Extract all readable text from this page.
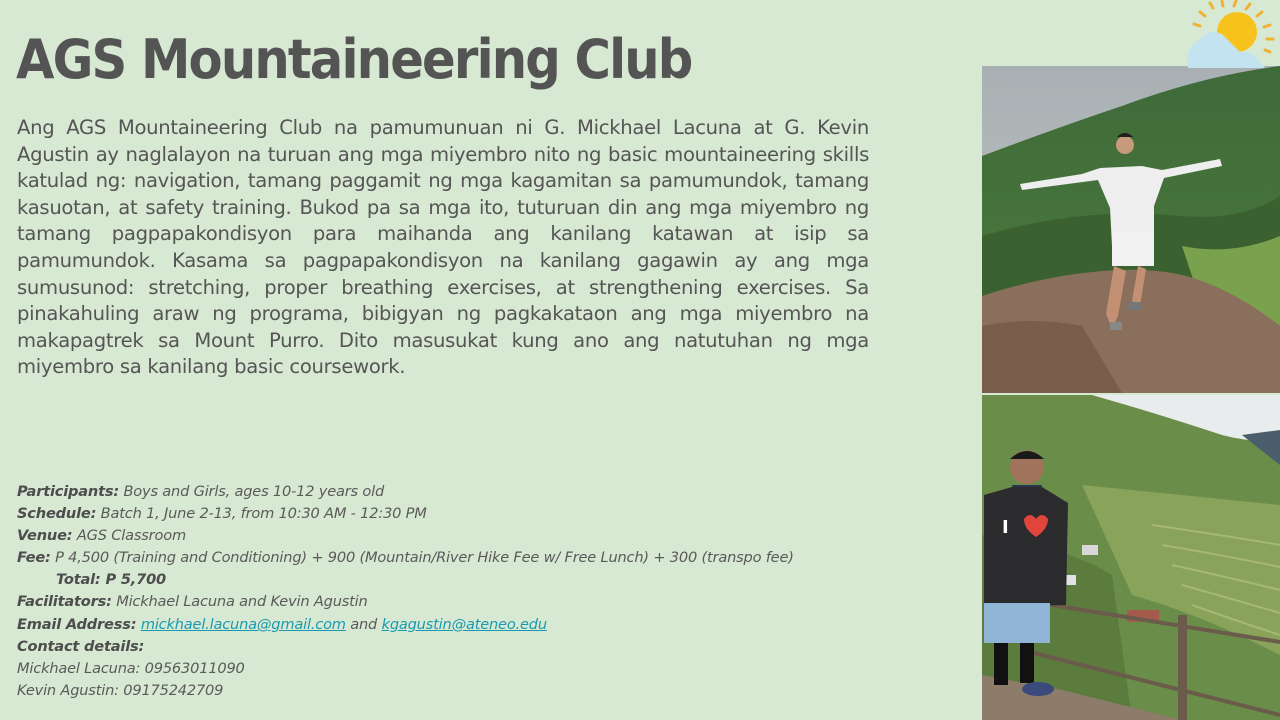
AGS Mountaineering Club
Ang AGS Mountaineering Club na pamumunuan ni G. Mickhael Lacuna at G. Kevin Agustin ay naglalayon na turuan ang mga miyembro nito ng basic mountaineering skills katulad ng: navigation, tamang paggamit ng mga kagamitan sa pamumundok, tamang kasuotan, at safety training. Bukod pa sa mga ito, tuturuan din ang mga miyembro ng tamang pagpapakondisyon para maihanda ang kanilang katawan at isip sa pamumundok. Kasama sa pagpapakondisyon na kanilang gagawin ay ang mga sumusunod: stretching, proper breathing exercises, at strengthening exercises. Sa pinakahuling araw ng programa, bibigyan ng pagkakataon ang mga miyembro na makapagtrek sa Mount Purro. Dito masusukat kung ano ang natutuhan ng mga miyembro sa kanilang basic coursework.
Participants: Boys and Girls, ages 10-12 years old
Schedule: Batch 1, June 2-13, from 10:30 AM - 12:30 PM
Venue: AGS Classroom
Fee: P 4,500 (Training and Conditioning) + 900 (Mountain/River Hike Fee w/ Free Lunch) + 300 (transpo fee)
Total: P 5,700
Facilitators: Mickhael Lacuna and Kevin Agustin
Email Address: mickhael.lacuna@gmail.com and kgagustin@ateneo.edu
Contact details:
Mickhael Lacuna: 09563011090
Kevin Agustin: 09175242709
I
